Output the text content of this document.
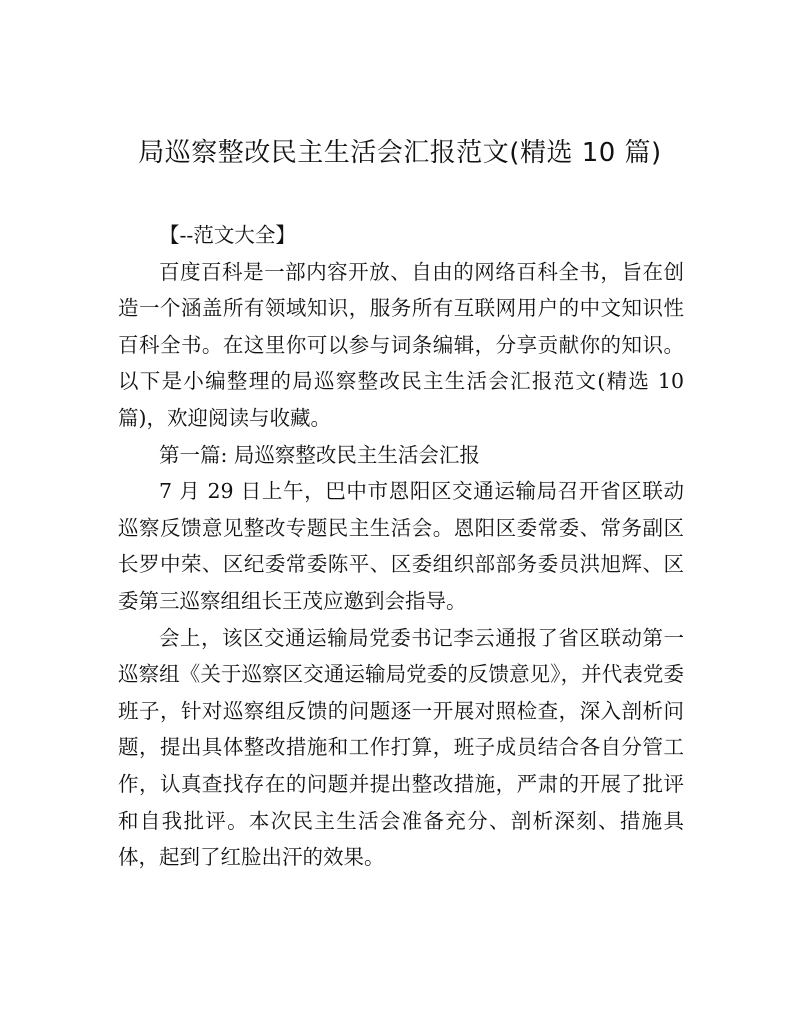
局巡察整改民主生活会汇报范文(精选 10 篇)

【--范文大全】

百度百科是一部内容开放、自由的网络百科全书，旨在创造一个涵盖所有领域知识，服务所有互联网用户的中文知识性百科全书。在这里你可以参与词条编辑，分享贡献你的知识。以下是小编整理的局巡察整改民主生活会汇报范文(精选 10 篇)，欢迎阅读与收藏。

第一篇: 局巡察整改民主生活会汇报

7 月 29 日上午，巴中市恩阳区交通运输局召开省区联动巡察反馈意见整改专题民主生活会。恩阳区委常委、常务副区长罗中荣、区纪委常委陈平、区委组织部部务委员洪旭辉、区委第三巡察组组长王茂应邀到会指导。

会上，该区交通运输局党委书记李云通报了省区联动第一巡察组《关于巡察区交通运输局党委的反馈意见》，并代表党委班子，针对巡察组反馈的问题逐一开展对照检查，深入剖析问题，提出具体整改措施和工作打算，班子成员结合各自分管工作，认真查找存在的问题并提出整改措施，严肃的开展了批评和自我批评。本次民主生活会准备充分、剖析深刻、措施具体，起到了红脸出汗的效果。
